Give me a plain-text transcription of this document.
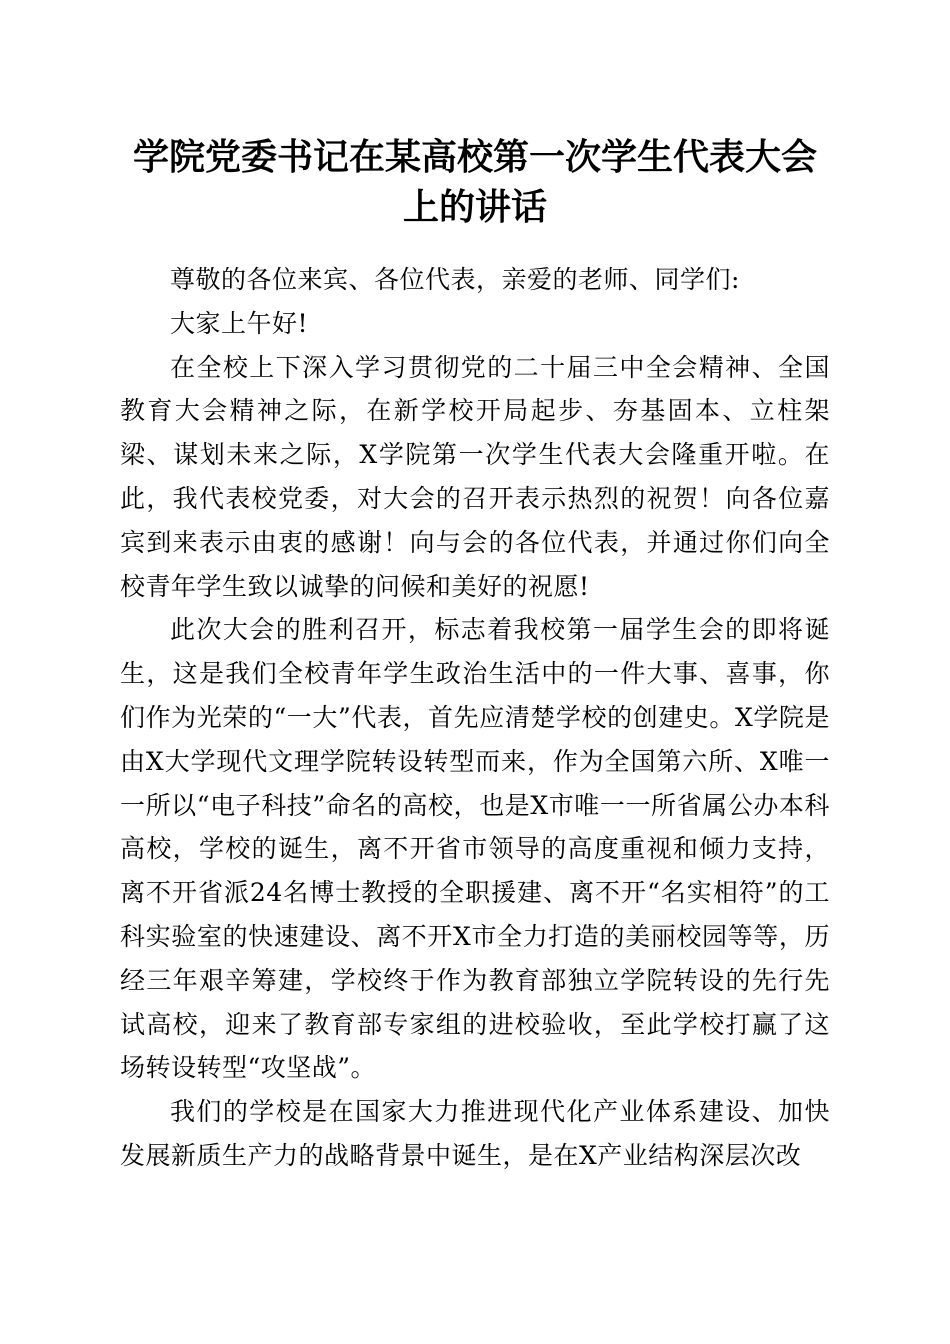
学院党委书记在某高校第一次学生代表大会上的讲话

尊敬的各位来宾、各位代表，亲爱的老师、同学们:

大家上午好!

在全校上下深入学习贯彻党的二十届三中全会精神、全国教育大会精神之际，在新学校开局起步、夯基固本、立柱架梁、谋划未来之际，X学院第一次学生代表大会隆重开啦。在此，我代表校党委，对大会的召开表示热烈的祝贺！向各位嘉宾到来表示由衷的感谢！向与会的各位代表，并通过你们向全校青年学生致以诚挚的问候和美好的祝愿!

此次大会的胜利召开，标志着我校第一届学生会的即将诞生，这是我们全校青年学生政治生活中的一件大事、喜事，你们作为光荣的“一大”代表，首先应清楚学校的创建史。X学院是由X大学现代文理学院转设转型而来，作为全国第六所、X唯一一所以“电子科技”命名的高校，也是X市唯一一所省属公办本科高校，学校的诞生，离不开省市领导的高度重视和倾力支持，离不开省派24名博士教授的全职援建、离不开“名实相符”的工科实验室的快速建设、离不开X市全力打造的美丽校园等等，历经三年艰辛筹建，学校终于作为教育部独立学院转设的先行先试高校，迎来了教育部专家组的进校验收，至此学校打赢了这场转设转型“攻坚战”。

我们的学校是在国家大力推进现代化产业体系建设、加快发展新质生产力的战略背景中诞生，是在X产业结构深层次改
